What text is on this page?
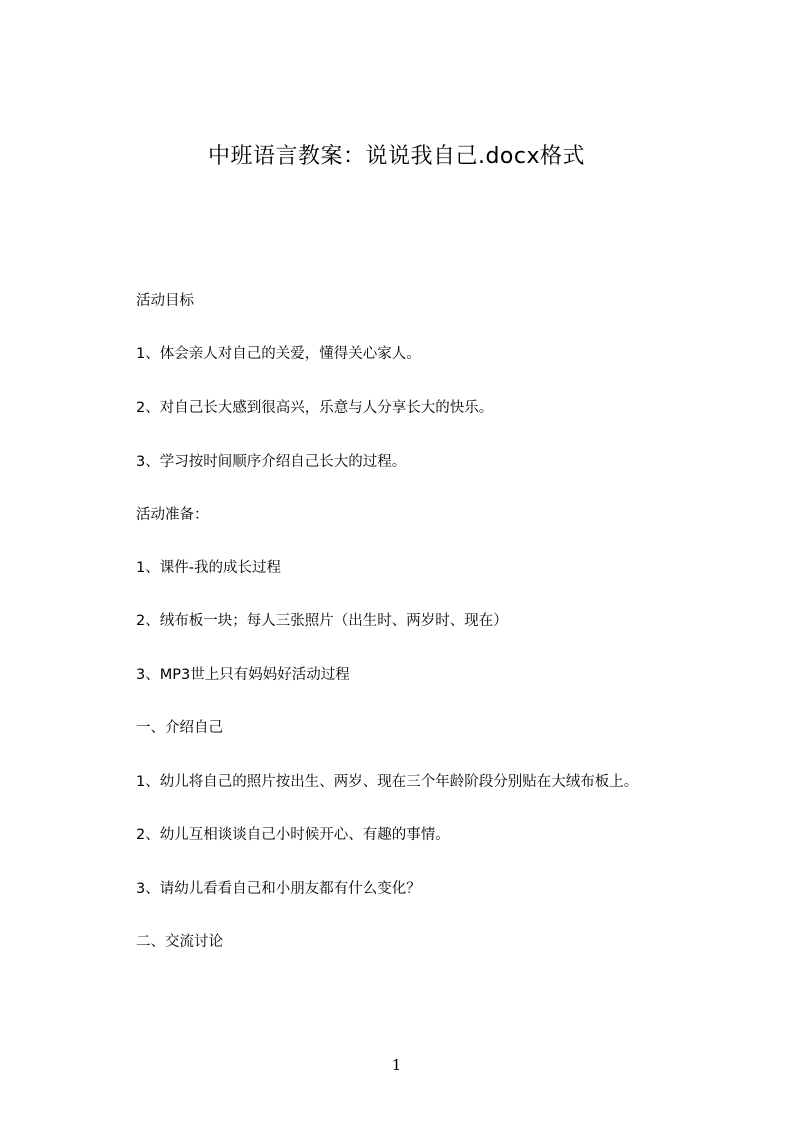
中班语言教案：说说我自己.docx格式
活动目标
1、体会亲人对自己的关爱，懂得关心家人。
2、对自己长大感到很高兴，乐意与人分享长大的快乐。
3、学习按时间顺序介绍自己长大的过程。
活动准备：
1、课件-我的成长过程
2、绒布板一块；每人三张照片（出生时、两岁时、现在）
3、MP3世上只有妈妈好活动过程
一、介绍自己
1、幼儿将自己的照片按出生、两岁、现在三个年龄阶段分别贴在大绒布板上。
2、幼儿互相谈谈自己小时候开心、有趣的事情。
3、请幼儿看看自己和小朋友都有什么变化？
二、交流讨论
1
